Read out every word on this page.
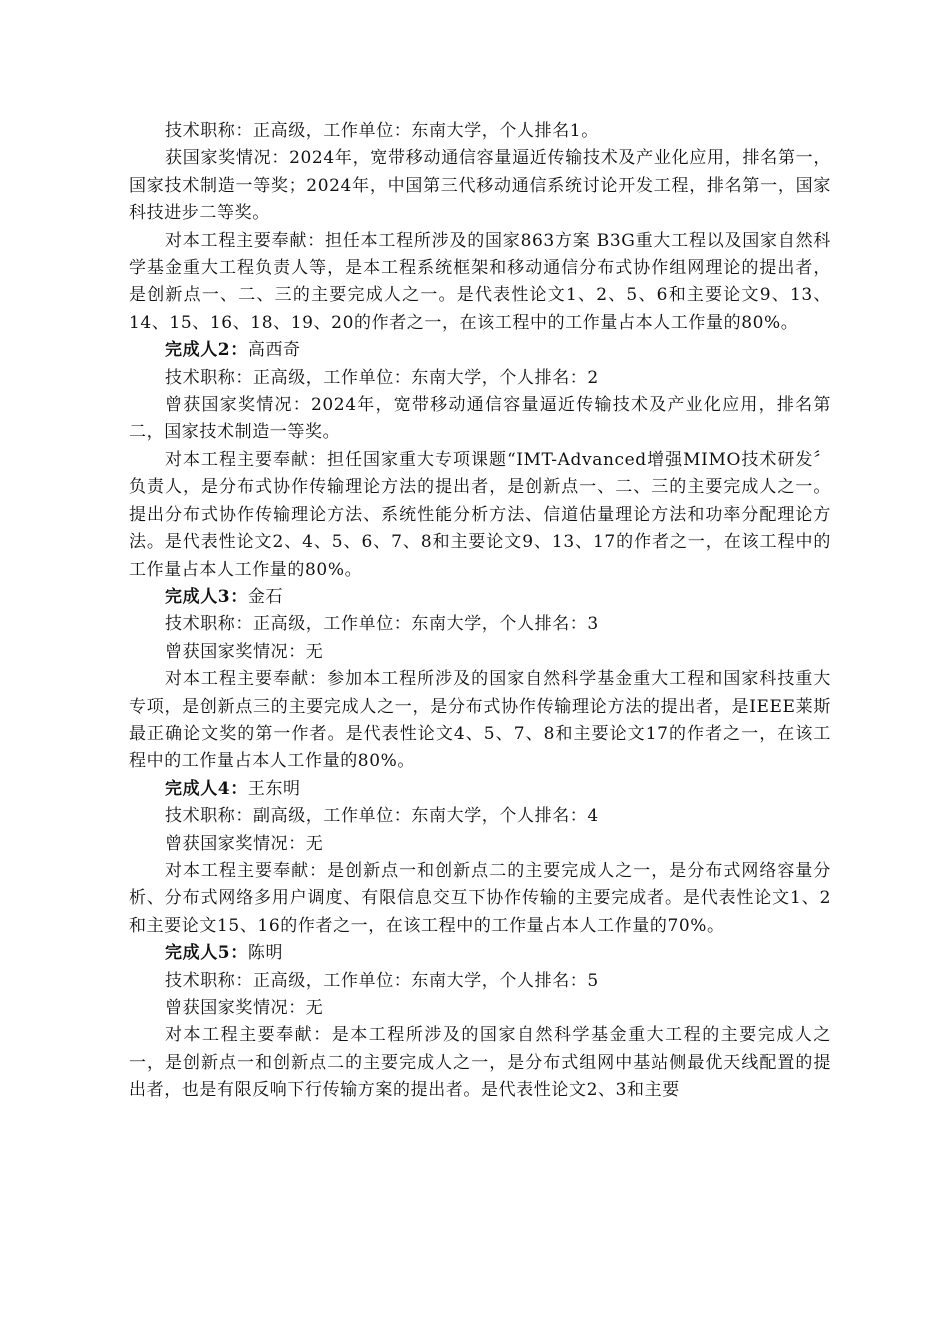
技术职称：正高级，工作单位：东南大学，个人排名1。

获国家奖情况：2024年，宽带移动通信容量逼近传输技术及产业化应用，排名第一，国家技术制造一等奖；2024年，中国第三代移动通信系统讨论开发工程，排名第一，国家科技进步二等奖。

对本工程主要奉献：担任本工程所涉及的国家863方案 B3G重大工程以及国家自然科学基金重大工程负责人等，是本工程系统框架和移动通信分布式协作组网理论的提出者，是创新点一、二、三的主要完成人之一。是代表性论文1、2、5、6和主要论文9、13、14、15、16、18、19、20的作者之一，在该工程中的工作量占本人工作量的80%。

完成人2：高西奇

技术职称：正高级，工作单位：东南大学，个人排名：2

曾获国家奖情况：2024年，宽带移动通信容量逼近传输技术及产业化应用，排名第二，国家技术制造一等奖。

对本工程主要奉献：担任国家重大专项课题“IMT-Advanced增强MIMO技术研发〞负责人，是分布式协作传输理论方法的提出者，是创新点一、二、三的主要完成人之一。提出分布式协作传输理论方法、系统性能分析方法、信道估量理论方法和功率分配理论方法。是代表性论文2、4、5、6、7、8和主要论文9、13、17的作者之一，在该工程中的工作量占本人工作量的80%。

完成人3：金石

技术职称：正高级，工作单位：东南大学，个人排名：3

曾获国家奖情况：无

对本工程主要奉献：参加本工程所涉及的国家自然科学基金重大工程和国家科技重大专项，是创新点三的主要完成人之一，是分布式协作传输理论方法的提出者，是IEEE莱斯最正确论文奖的第一作者。是代表性论文4、5、7、8和主要论文17的作者之一，在该工程中的工作量占本人工作量的80%。

完成人4：王东明

技术职称：副高级，工作单位：东南大学，个人排名：4

曾获国家奖情况：无

对本工程主要奉献：是创新点一和创新点二的主要完成人之一，是分布式网络容量分析、分布式网络多用户调度、有限信息交互下协作传输的主要完成者。是代表性论文1、2和主要论文15、16的作者之一，在该工程中的工作量占本人工作量的70%。

完成人5：陈明

技术职称：正高级，工作单位：东南大学，个人排名：5

曾获国家奖情况：无

对本工程主要奉献：是本工程所涉及的国家自然科学基金重大工程的主要完成人之一，是创新点一和创新点二的主要完成人之一，是分布式组网中基站侧最优天线配置的提出者，也是有限反响下行传输方案的提出者。是代表性论文2、3和主要
